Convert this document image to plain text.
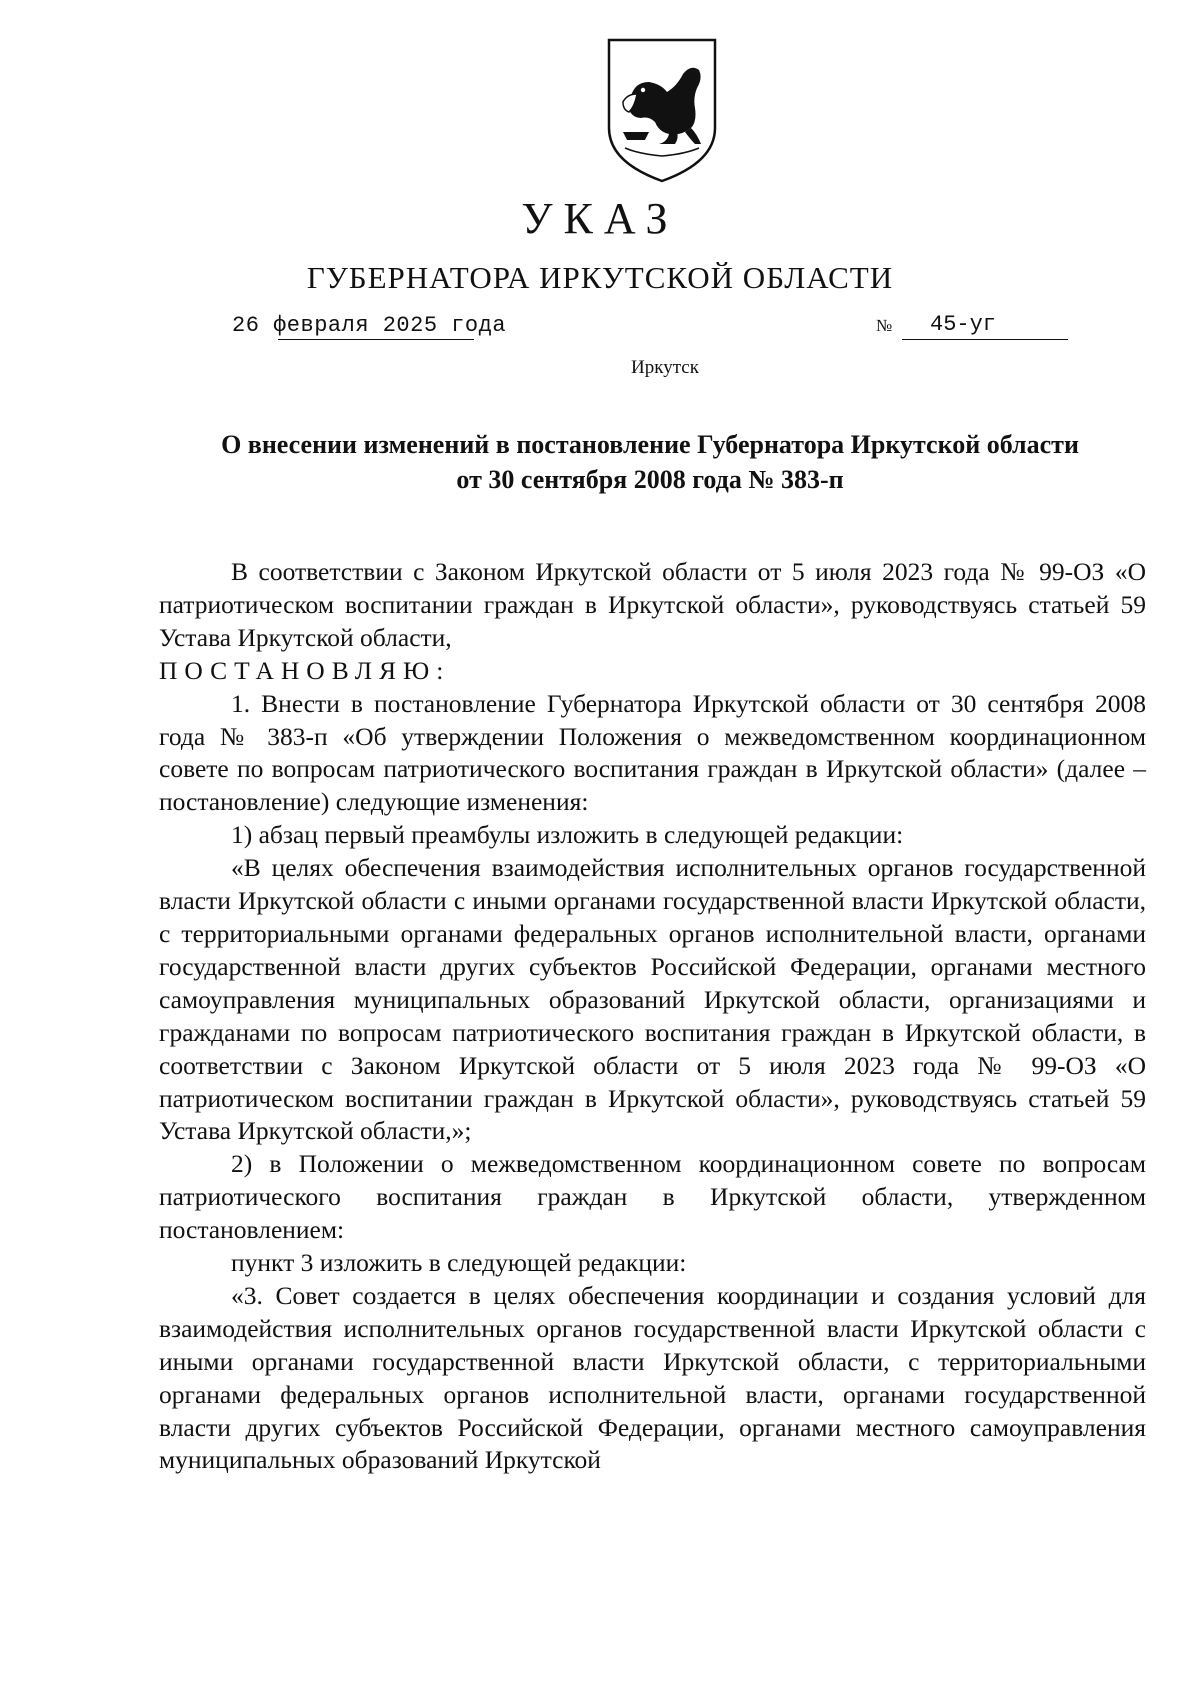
УКАЗ
ГУБЕРНАТОРА ИРКУТСКОЙ ОБЛАСТИ
26 февраля 2025 года	№ 45-уг
Иркутск
О внесении изменений в постановление Губернатора Иркутской области
от 30 сентября 2008 года № 383-п

В соответствии с Законом Иркутской области от 5 июля 2023 года № 99-ОЗ «О патриотическом воспитании граждан в Иркутской области», руководствуясь статьей 59 Устава Иркутской области,

ПОСТАНОВЛЯЮ:

1. Внести в постановление Губернатора Иркутской области от 30 сентября 2008 года № 383-п «Об утверждении Положения о межведомственном координационном совете по вопросам патриотического воспитания граждан в Иркутской области» (далее – постановление) следующие изменения:

1) абзац первый преамбулы изложить в следующей редакции:

«В целях обеспечения взаимодействия исполнительных органов государственной власти Иркутской области с иными органами государственной власти Иркутской области, с территориальными органами федеральных органов исполнительной власти, органами государственной власти других субъектов Российской Федерации, органами местного самоуправления муниципальных образований Иркутской области, организациями и гражданами по вопросам патриотического воспитания граждан в Иркутской области, в соответствии с Законом Иркутской области от 5 июля 2023 года № 99-ОЗ «О патриотическом воспитании граждан в Иркутской области», руководствуясь статьей 59 Устава Иркутской области,»;

2) в Положении о межведомственном координационном совете по вопросам патриотического воспитания граждан в Иркутской области, утвержденном постановлением:

пункт 3 изложить в следующей редакции:

«3. Совет создается в целях обеспечения координации и создания условий для взаимодействия исполнительных органов государственной власти Иркутской области с иными органами государственной власти Иркутской области, с территориальными органами федеральных органов исполнительной власти, органами государственной власти других субъектов Российской Федерации, органами местного самоуправления муниципальных образований Иркутской
